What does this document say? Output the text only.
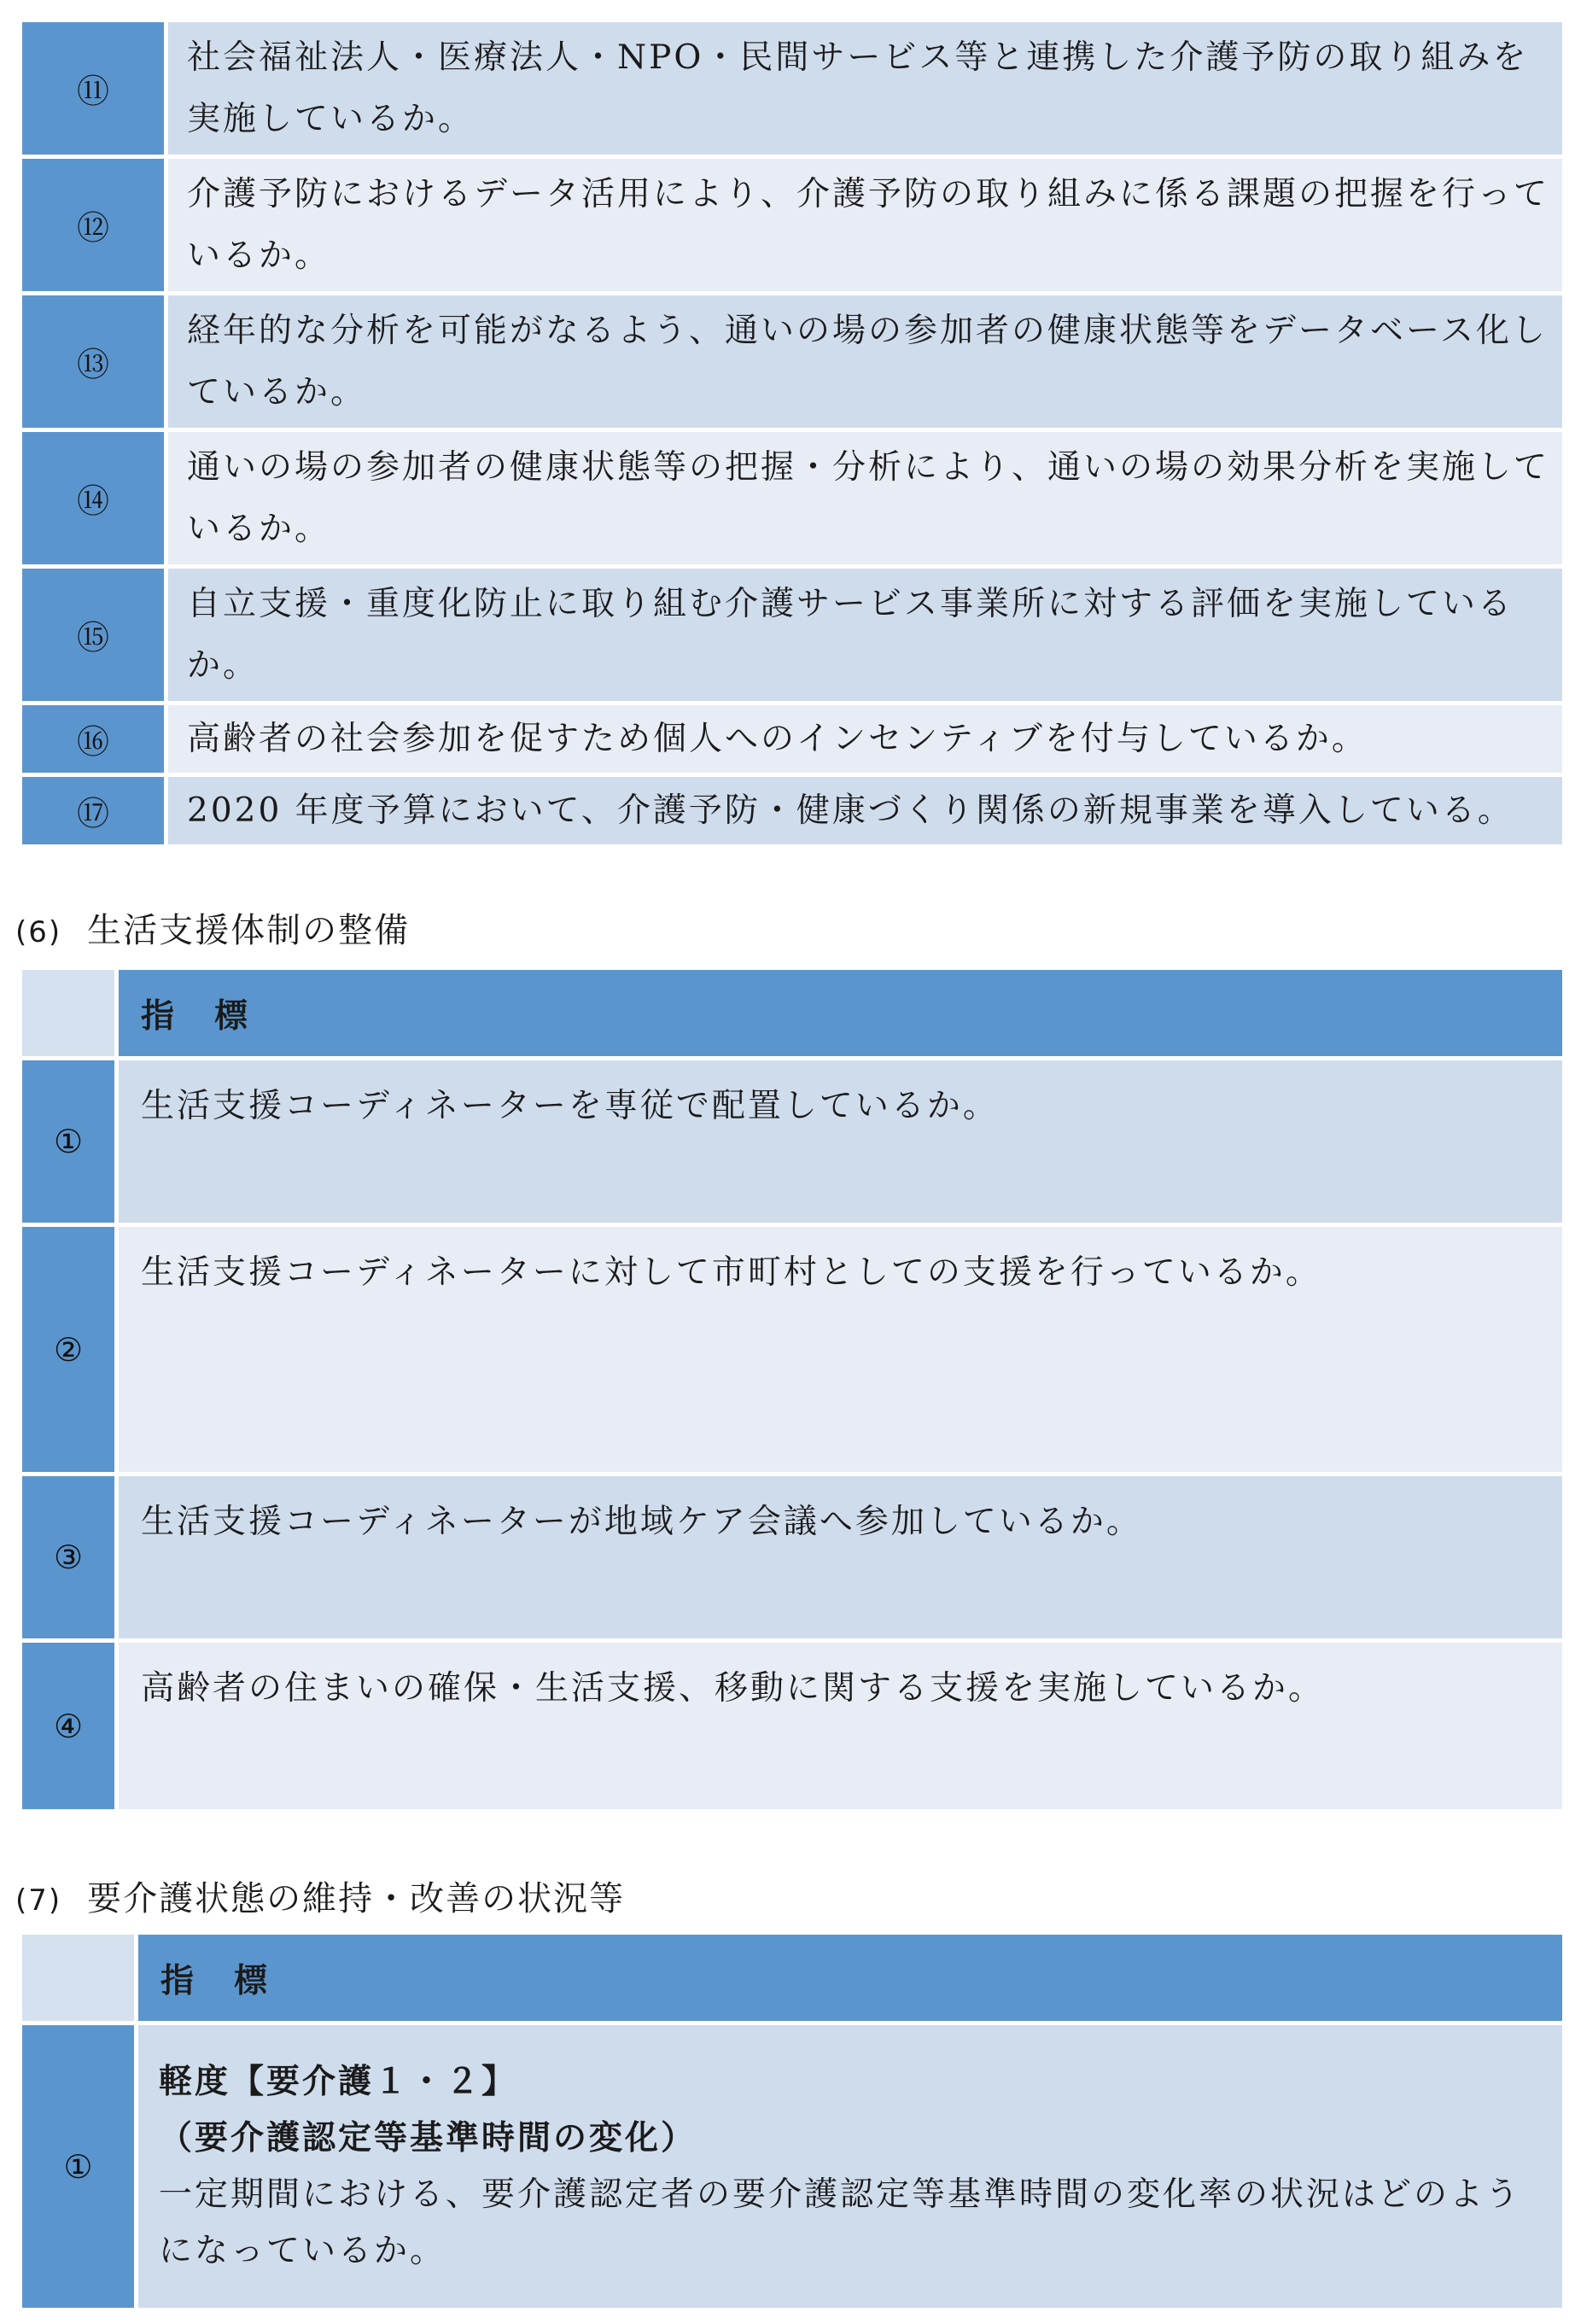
⑪	社会福祉法人・医療法人・NPO・民間サービス等と連携した介護予防の取り組みを実施しているか。
⑫	介護予防におけるデータ活用により、介護予防の取り組みに係る課題の把握を行っているか。
⑬	経年的な分析を可能がなるよう、通いの場の参加者の健康状態等をデータベース化しているか。
⑭	通いの場の参加者の健康状態等の把握・分析により、通いの場の効果分析を実施しているか。
⑮	自立支援・重度化防止に取り組む介護サービス事業所に対する評価を実施しているか。
⑯	高齢者の社会参加を促すため個人へのインセンティブを付与しているか。
⑰	2020 年度予算において、介護予防・健康づくり関係の新規事業を導入している。
(6) 生活支援体制の整備
	指　標
①	生活支援コーディネーターを専従で配置しているか。
②	生活支援コーディネーターに対して市町村としての支援を行っているか。
③	生活支援コーディネーターが地域ケア会議へ参加しているか。
④	高齢者の住まいの確保・生活支援、移動に関する支援を実施しているか。
(7) 要介護状態の維持・改善の状況等
	指　標
①	軽度【要介護１・２】
（要介護認定等基準時間の変化）
一定期間における、要介護認定者の要介護認定等基準時間の変化率の状況はどのようになっているか。
